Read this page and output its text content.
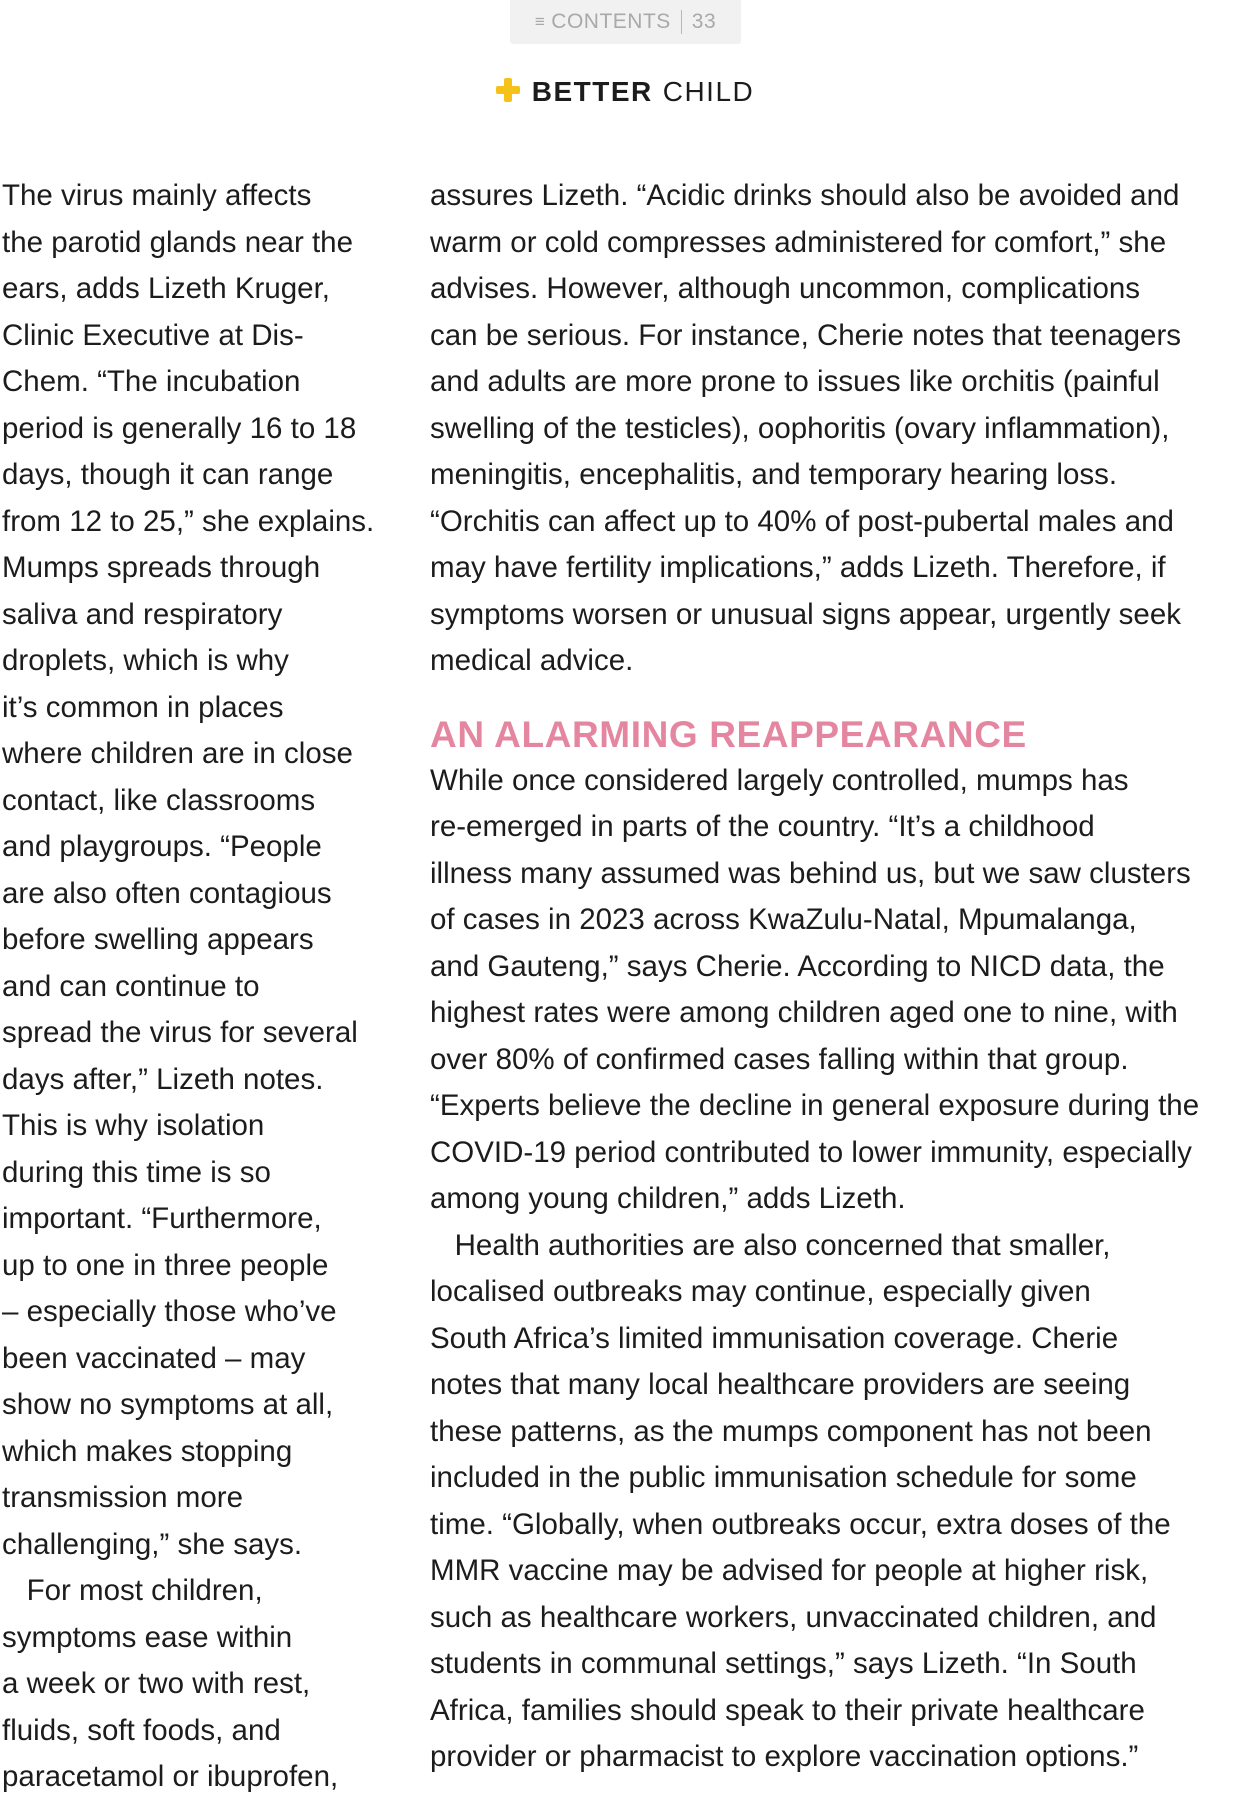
≡ CONTENTS 33
BETTER CHILD
The virus mainly affects
the parotid glands near the
ears, adds Lizeth Kruger,
Clinic Executive at Dis-
Chem. “The incubation
period is generally 16 to 18
days, though it can range
from 12 to 25,” she explains.
Mumps spreads through
saliva and respiratory
droplets, which is why
it’s common in places
where children are in close
contact, like classrooms
and playgroups. “People
are also often contagious
before swelling appears
and can continue to
spread the virus for several
days after,” Lizeth notes.
This is why isolation
during this time is so
important. “Furthermore,
up to one in three people
– especially those who’ve
been vaccinated – may
show no symptoms at all,
which makes stopping
transmission more
challenging,” she says.
For most children,
symptoms ease within
a week or two with rest,
fluids, soft foods, and
paracetamol or ibuprofen,
assures Lizeth. “Acidic drinks should also be avoided and
warm or cold compresses administered for comfort,” she
advises. However, although uncommon, complications
can be serious. For instance, Cherie notes that teenagers
and adults are more prone to issues like orchitis (painful
swelling of the testicles), oophoritis (ovary inflammation),
meningitis, encephalitis, and temporary hearing loss.
“Orchitis can affect up to 40% of post-pubertal males and
may have fertility implications,” adds Lizeth. Therefore, if
symptoms worsen or unusual signs appear, urgently seek
medical advice.
AN ALARMING REAPPEARANCE
While once considered largely controlled, mumps has
re-emerged in parts of the country. “It’s a childhood
illness many assumed was behind us, but we saw clusters
of cases in 2023 across KwaZulu-Natal, Mpumalanga,
and Gauteng,” says Cherie. According to NICD data, the
highest rates were among children aged one to nine, with
over 80% of confirmed cases falling within that group.
“Experts believe the decline in general exposure during the
COVID-19 period contributed to lower immunity, especially
among young children,” adds Lizeth.
Health authorities are also concerned that smaller,
localised outbreaks may continue, especially given
South Africa’s limited immunisation coverage. Cherie
notes that many local healthcare providers are seeing
these patterns, as the mumps component has not been
included in the public immunisation schedule for some
time. “Globally, when outbreaks occur, extra doses of the
MMR vaccine may be advised for people at higher risk,
such as healthcare workers, unvaccinated children, and
students in communal settings,” says Lizeth. “In South
Africa, families should speak to their private healthcare
provider or pharmacist to explore vaccination options.”
